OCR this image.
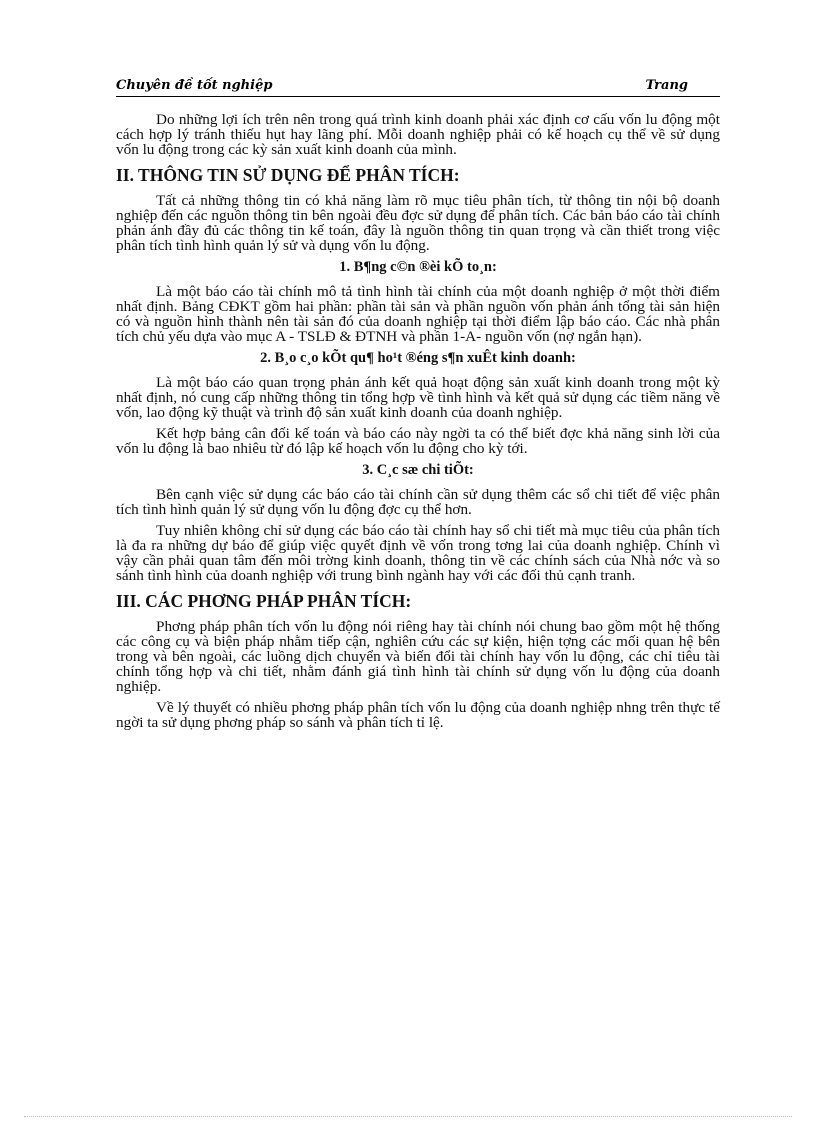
Chuyên đề tốt nghiệp	Trang

Do những lợi ích trên nên trong quá trình kinh doanh phải xác định cơ cấu vốn lu động một cách hợp lý tránh thiếu hụt hay lãng phí. Mỗi doanh nghiệp phải có kế hoạch cụ thể về sử dụng vốn lu động trong các kỳ sản xuất kinh doanh của mình.

II. THÔNG TIN SỬ DỤNG ĐỂ PHÂN TÍCH:

Tất cả những thông tin có khả năng làm rõ mục tiêu phân tích, từ thông tin nội bộ doanh nghiệp đến các nguồn thông tin bên ngoài đều đợc sử dụng để phân tích. Các bản báo cáo tài chính phản ánh đầy đủ các thông tin kế toán, đây là nguồn thông tin quan trọng và cần thiết trong việc phân tích tình hình quản lý sử và dụng vốn lu động.

1. B¶ng c©n ®èi kÕ to¸n:

Là một báo cáo tài chính mô tả tình hình tài chính của một doanh nghiệp ở một thời điểm nhất định. Bảng CĐKT gồm hai phần: phần tài sản và phần nguồn vốn phản ánh tổng tài sản hiện có và nguồn hình thành nên tài sản đó của doanh nghiệp tại thời điểm lập báo cáo. Các nhà phân tích chủ yếu dựa vào mục A - TSLĐ & ĐTNH và phần 1-A- nguồn vốn (nợ ngắn hạn).

2. B¸o c¸o kÕt qu¶ ho¹t ®éng s¶n xuÊt kinh doanh:

Là một báo cáo quan trọng phản ánh kết quả hoạt động sản xuất kinh doanh trong một kỳ nhất định, nó cung cấp những thông tin tổng hợp về tình hình và kết quả sử dụng các tiềm năng về vốn, lao động kỹ thuật và trình độ sản xuất kinh doanh của doanh nghiệp.

Kết hợp bảng cân đối kế toán và báo cáo này ngời ta có thể biết đợc khả năng sinh lời của vốn lu động là bao nhiêu từ đó lập kế hoạch vốn lu động cho kỳ tới.

3. C¸c sæ chi tiÕt:

Bên cạnh việc sử dụng các báo cáo tài chính cần sử dụng thêm các sổ chi tiết để việc phân tích tình hình quản lý sử dụng vốn lu động đợc cụ thể hơn.

Tuy nhiên không chỉ sử dụng các báo cáo tài chính hay sổ chi tiết mà mục tiêu của phân tích là đa ra những dự báo để giúp việc quyết định về vốn trong tơng lai của doanh nghiệp. Chính vì vậy cần phải quan tâm đến môi trờng kinh doanh, thông tin về các chính sách của Nhà nớc và so sánh tình hình của doanh nghiệp với trung bình ngành hay với các đối thủ cạnh tranh.

III. CÁC PHƠNG PHÁP PHÂN TÍCH:

Phơng pháp phân tích vốn lu động nói riêng hay tài chính nói chung bao gồm một hệ thống các công cụ và biện pháp nhằm tiếp cận, nghiên cứu các sự kiện, hiện tợng các mối quan hệ bên trong và bên ngoài, các luồng dịch chuyển và biến đổi tài chính hay vốn lu động, các chỉ tiêu tài chính tổng hợp và chi tiết, nhằm đánh giá tình hình tài chính sử dụng vốn lu động của doanh nghiệp.

Về lý thuyết có nhiều phơng pháp phân tích vốn lu động của doanh nghiệp nhng trên thực tế ngời ta sử dụng phơng pháp so sánh và phân tích tỉ lệ.
